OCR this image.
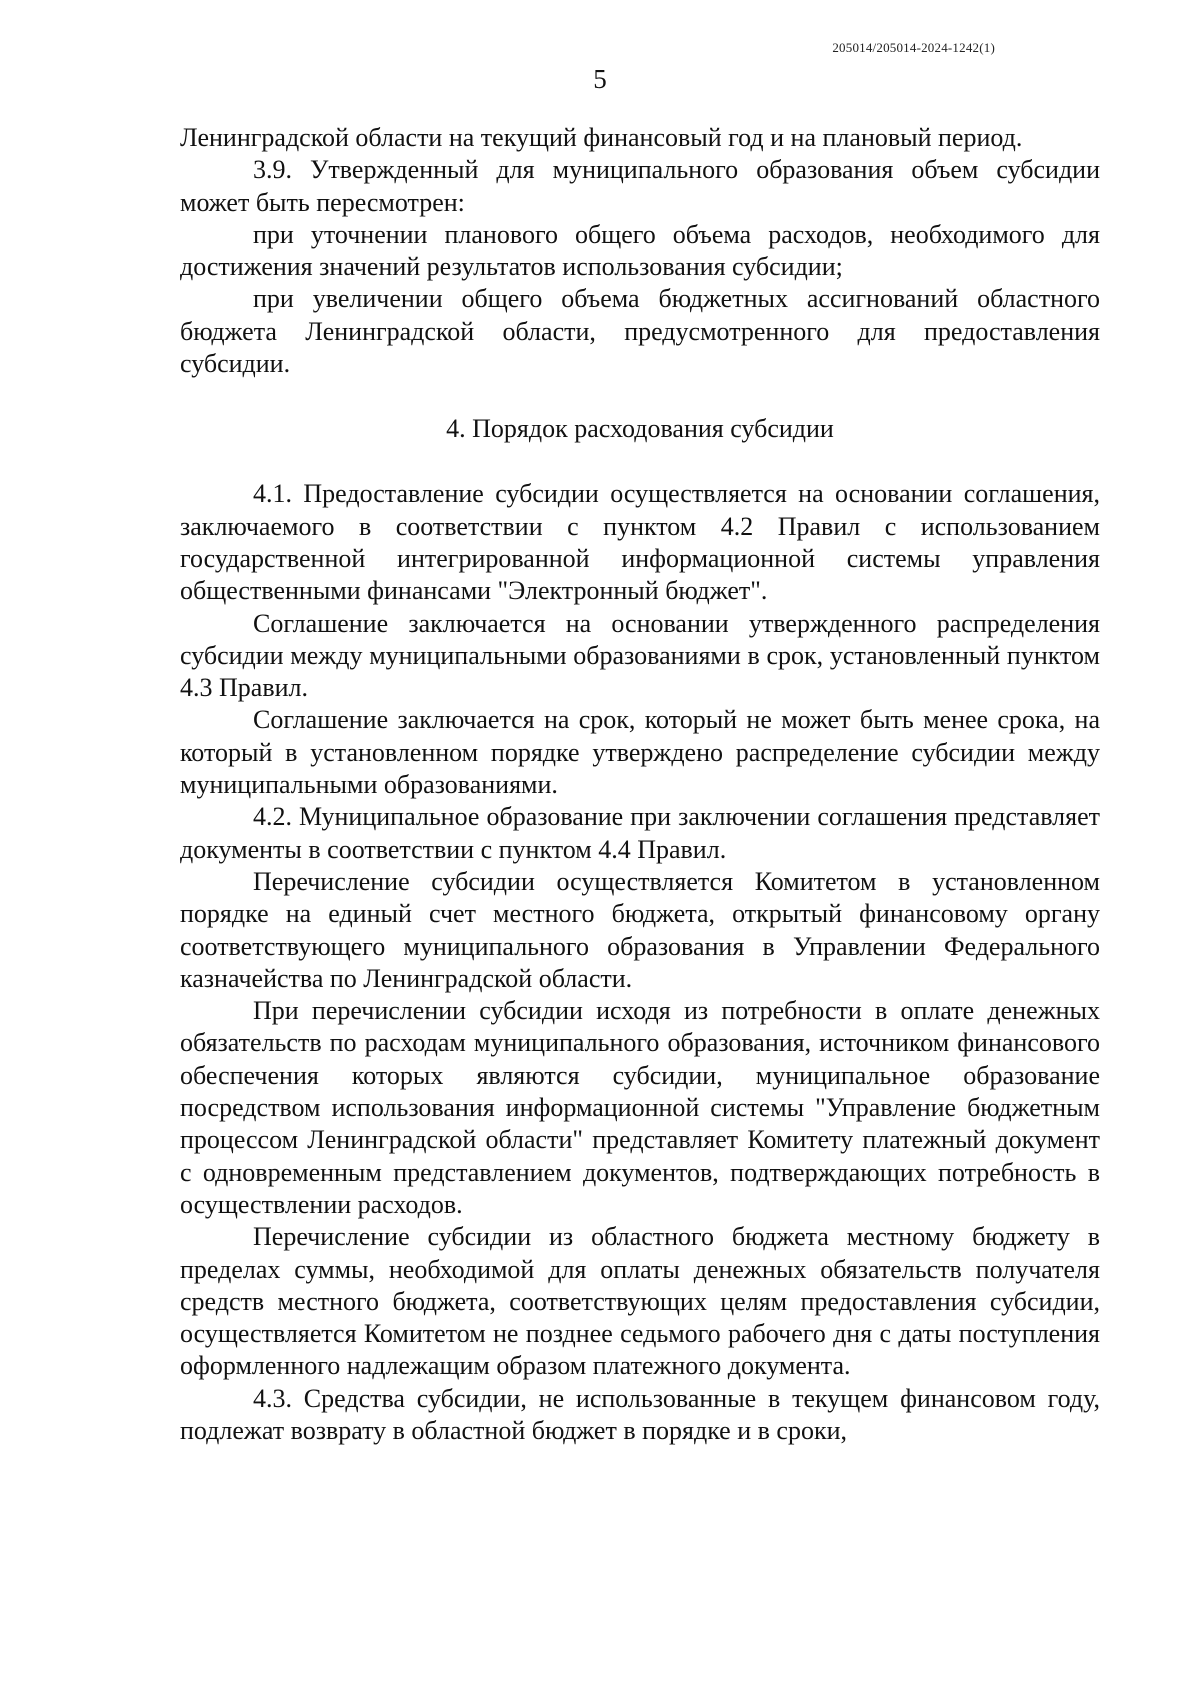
205014/205014-2024-1242(1)
5

Ленинградской области на текущий финансовый год и на плановый период.

3.9. Утвержденный для муниципального образования объем субсидии может быть пересмотрен:

при уточнении планового общего объема расходов, необходимого для достижения значений результатов использования субсидии;

при увеличении общего объема бюджетных ассигнований областного бюджета Ленинградской области, предусмотренного для предоставления субсидии.

4. Порядок расходования субсидии

4.1. Предоставление субсидии осуществляется на основании соглашения, заключаемого в соответствии с пунктом 4.2 Правил с использованием государственной интегрированной информационной системы управления общественными финансами "Электронный бюджет".

Соглашение заключается на основании утвержденного распределения субсидии между муниципальными образованиями в срок, установленный пунктом 4.3 Правил.

Соглашение заключается на срок, который не может быть менее срока, на который в установленном порядке утверждено распределение субсидии между муниципальными образованиями.

4.2. Муниципальное образование при заключении соглашения представляет документы в соответствии с пунктом 4.4 Правил.

Перечисление субсидии осуществляется Комитетом в установленном порядке на единый счет местного бюджета, открытый финансовому органу соответствующего муниципального образования в Управлении Федерального казначейства по Ленинградской области.

При перечислении субсидии исходя из потребности в оплате денежных обязательств по расходам муниципального образования, источником финансового обеспечения которых являются субсидии, муниципальное образование посредством использования информационной системы "Управление бюджетным процессом Ленинградской области" представляет Комитету платежный документ с одновременным представлением документов, подтверждающих потребность в осуществлении расходов.

Перечисление субсидии из областного бюджета местному бюджету в пределах суммы, необходимой для оплаты денежных обязательств получателя средств местного бюджета, соответствующих целям предоставления субсидии, осуществляется Комитетом не позднее седьмого рабочего дня с даты поступления оформленного надлежащим образом платежного документа.

4.3. Средства субсидии, не использованные в текущем финансовом году, подлежат возврату в областной бюджет в порядке и в сроки,
